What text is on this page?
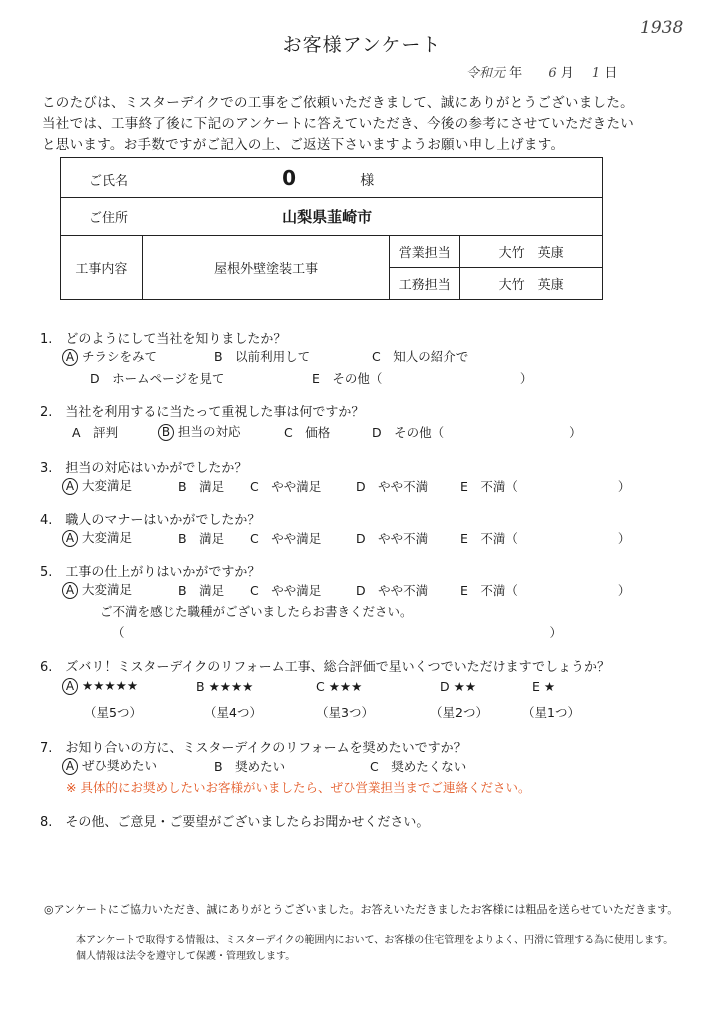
お客様アンケート
1938
令和元 年 6 月 1 日
このたびは、ミスターデイクでの工事をご依頼いただきまして、誠にありがとうございました。
当社では、工事終了後に下記のアンケートに答えていただき、今後の参考にさせていただきたい
と思います。お手数ですがご記入の上、ご返送下さいますようお願い申し上げます。
ご氏名 0 様			
ご住所 山梨県韮崎市			
工事内容	屋根外壁塗装工事	営業担当	大竹　英康
		工務担当	大竹　英康
1.　どのようにして当社を知りましたか？
A チラシをみて	B　 以前利用して	C　 知人の紹介で
D　 ホームページを見て	E　 その他（　　　　　　　　　　　）
2.　当社を利用するに当たって重視した事は何ですか？
A　 評判	B 担当の対応	C　 価格	D　 その他（　　　　　　　　　　）
3.　担当の対応はいかがでしたか？
A 大変満足	B　 満足 C　 やや満足	D　 やや不満	E　 不満（　　　　　　　　）
4.　職人のマナーはいかがでしたか？
A 大変満足	B　 満足 C　 やや満足	D　 やや不満	E　 不満（　　　　　　　　）
5.　工事の仕上がりはいかがですか？
A 大変満足	B　 満足 C　 やや満足	D　 やや不満	E　 不満（　　　　　　　　）
ご不満を感じた職種がございましたらお書きください。
（　　　　　　　　　　　　　　　　　　　　　　　　　　　　　　　　　　）
6.　ズバリ！ミスターデイクのリフォーム工事、総合評価で星いくつでいただけますでしょうか？
A ★★★★★	B ★★★★	C ★★★	D ★★	E ★
（星5つ）	（星4つ）	（星3つ）	（星2つ）	（星1つ）
7.　お知り合いの方に、ミスターデイクのリフォームを奨めたいですか？
A ぜひ奨めたい	B　 奨めたい	C　 奨めたくない
※ 具体的にお奨めしたいお客様がいましたら、ぜひ営業担当までご連絡ください。
8.　その他、ご意見・ご要望がございましたらお聞かせください。
◎アンケートにご協力いただき、誠にありがとうございました。お答えいただきましたお客様には粗品を送らせていただきます。
本アンケートで取得する情報は、ミスターデイクの範囲内において、お客様の住宅管理をよりよく、円滑に管理する為に使用します。
個人情報は法令を遵守して保護・管理致します。
